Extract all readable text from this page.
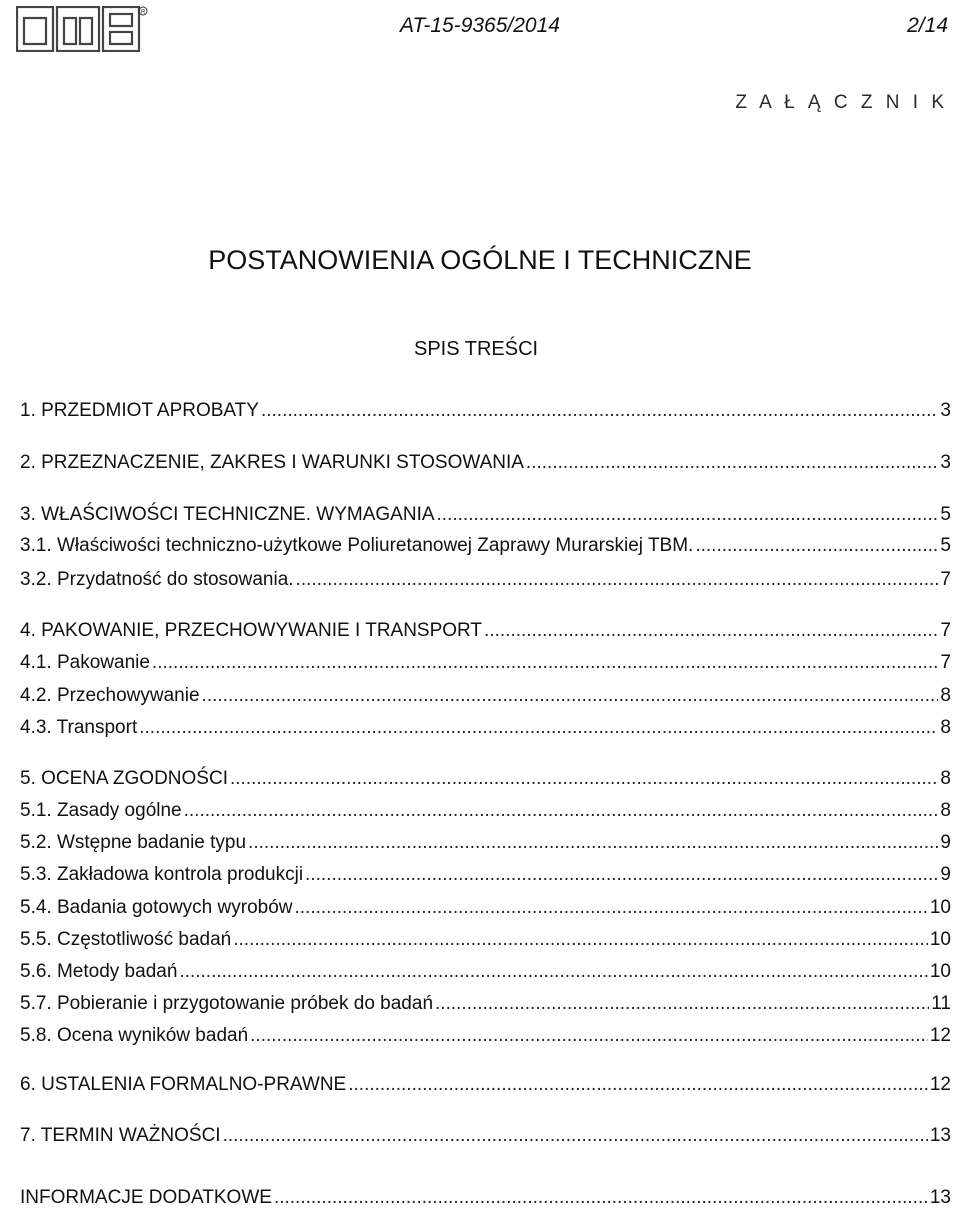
R
AT-15-9365/2014	2/14
Z A Ł Ą C Z N I K
POSTANOWIENIA OGÓLNE I TECHNICZNE
SPIS TREŚCI
1. PRZEDMIOT APROBATY .....	3
2. PRZEZNACZENIE, ZAKRES I WARUNKI STOSOWANIA .....	3
3. WŁAŚCIWOŚCI TECHNICZNE. WYMAGANIA .....	5
3.1. Właściwości techniczno-użytkowe Poliuretanowej Zaprawy Murarskiej TBM. .....	5
3.2. Przydatność do stosowania. .....	7
4. PAKOWANIE, PRZECHOWYWANIE I TRANSPORT .....	7
4.1. Pakowanie .....	7
4.2. Przechowywanie .....	8
4.3. Transport .....	8
5. OCENA ZGODNOŚCI .....	8
5.1. Zasady ogólne .....	8
5.2. Wstępne badanie typu .....	9
5.3. Zakładowa kontrola produkcji .....	9
5.4. Badania gotowych wyrobów .....	10
5.5. Częstotliwość badań .....	10
5.6. Metody badań .....	10
5.7. Pobieranie i przygotowanie próbek do badań .....	11
5.8. Ocena wyników badań .....	12
6. USTALENIA FORMALNO-PRAWNE .....	12
7. TERMIN WAŻNOŚCI .....	13
INFORMACJE DODATKOWE .....	13
